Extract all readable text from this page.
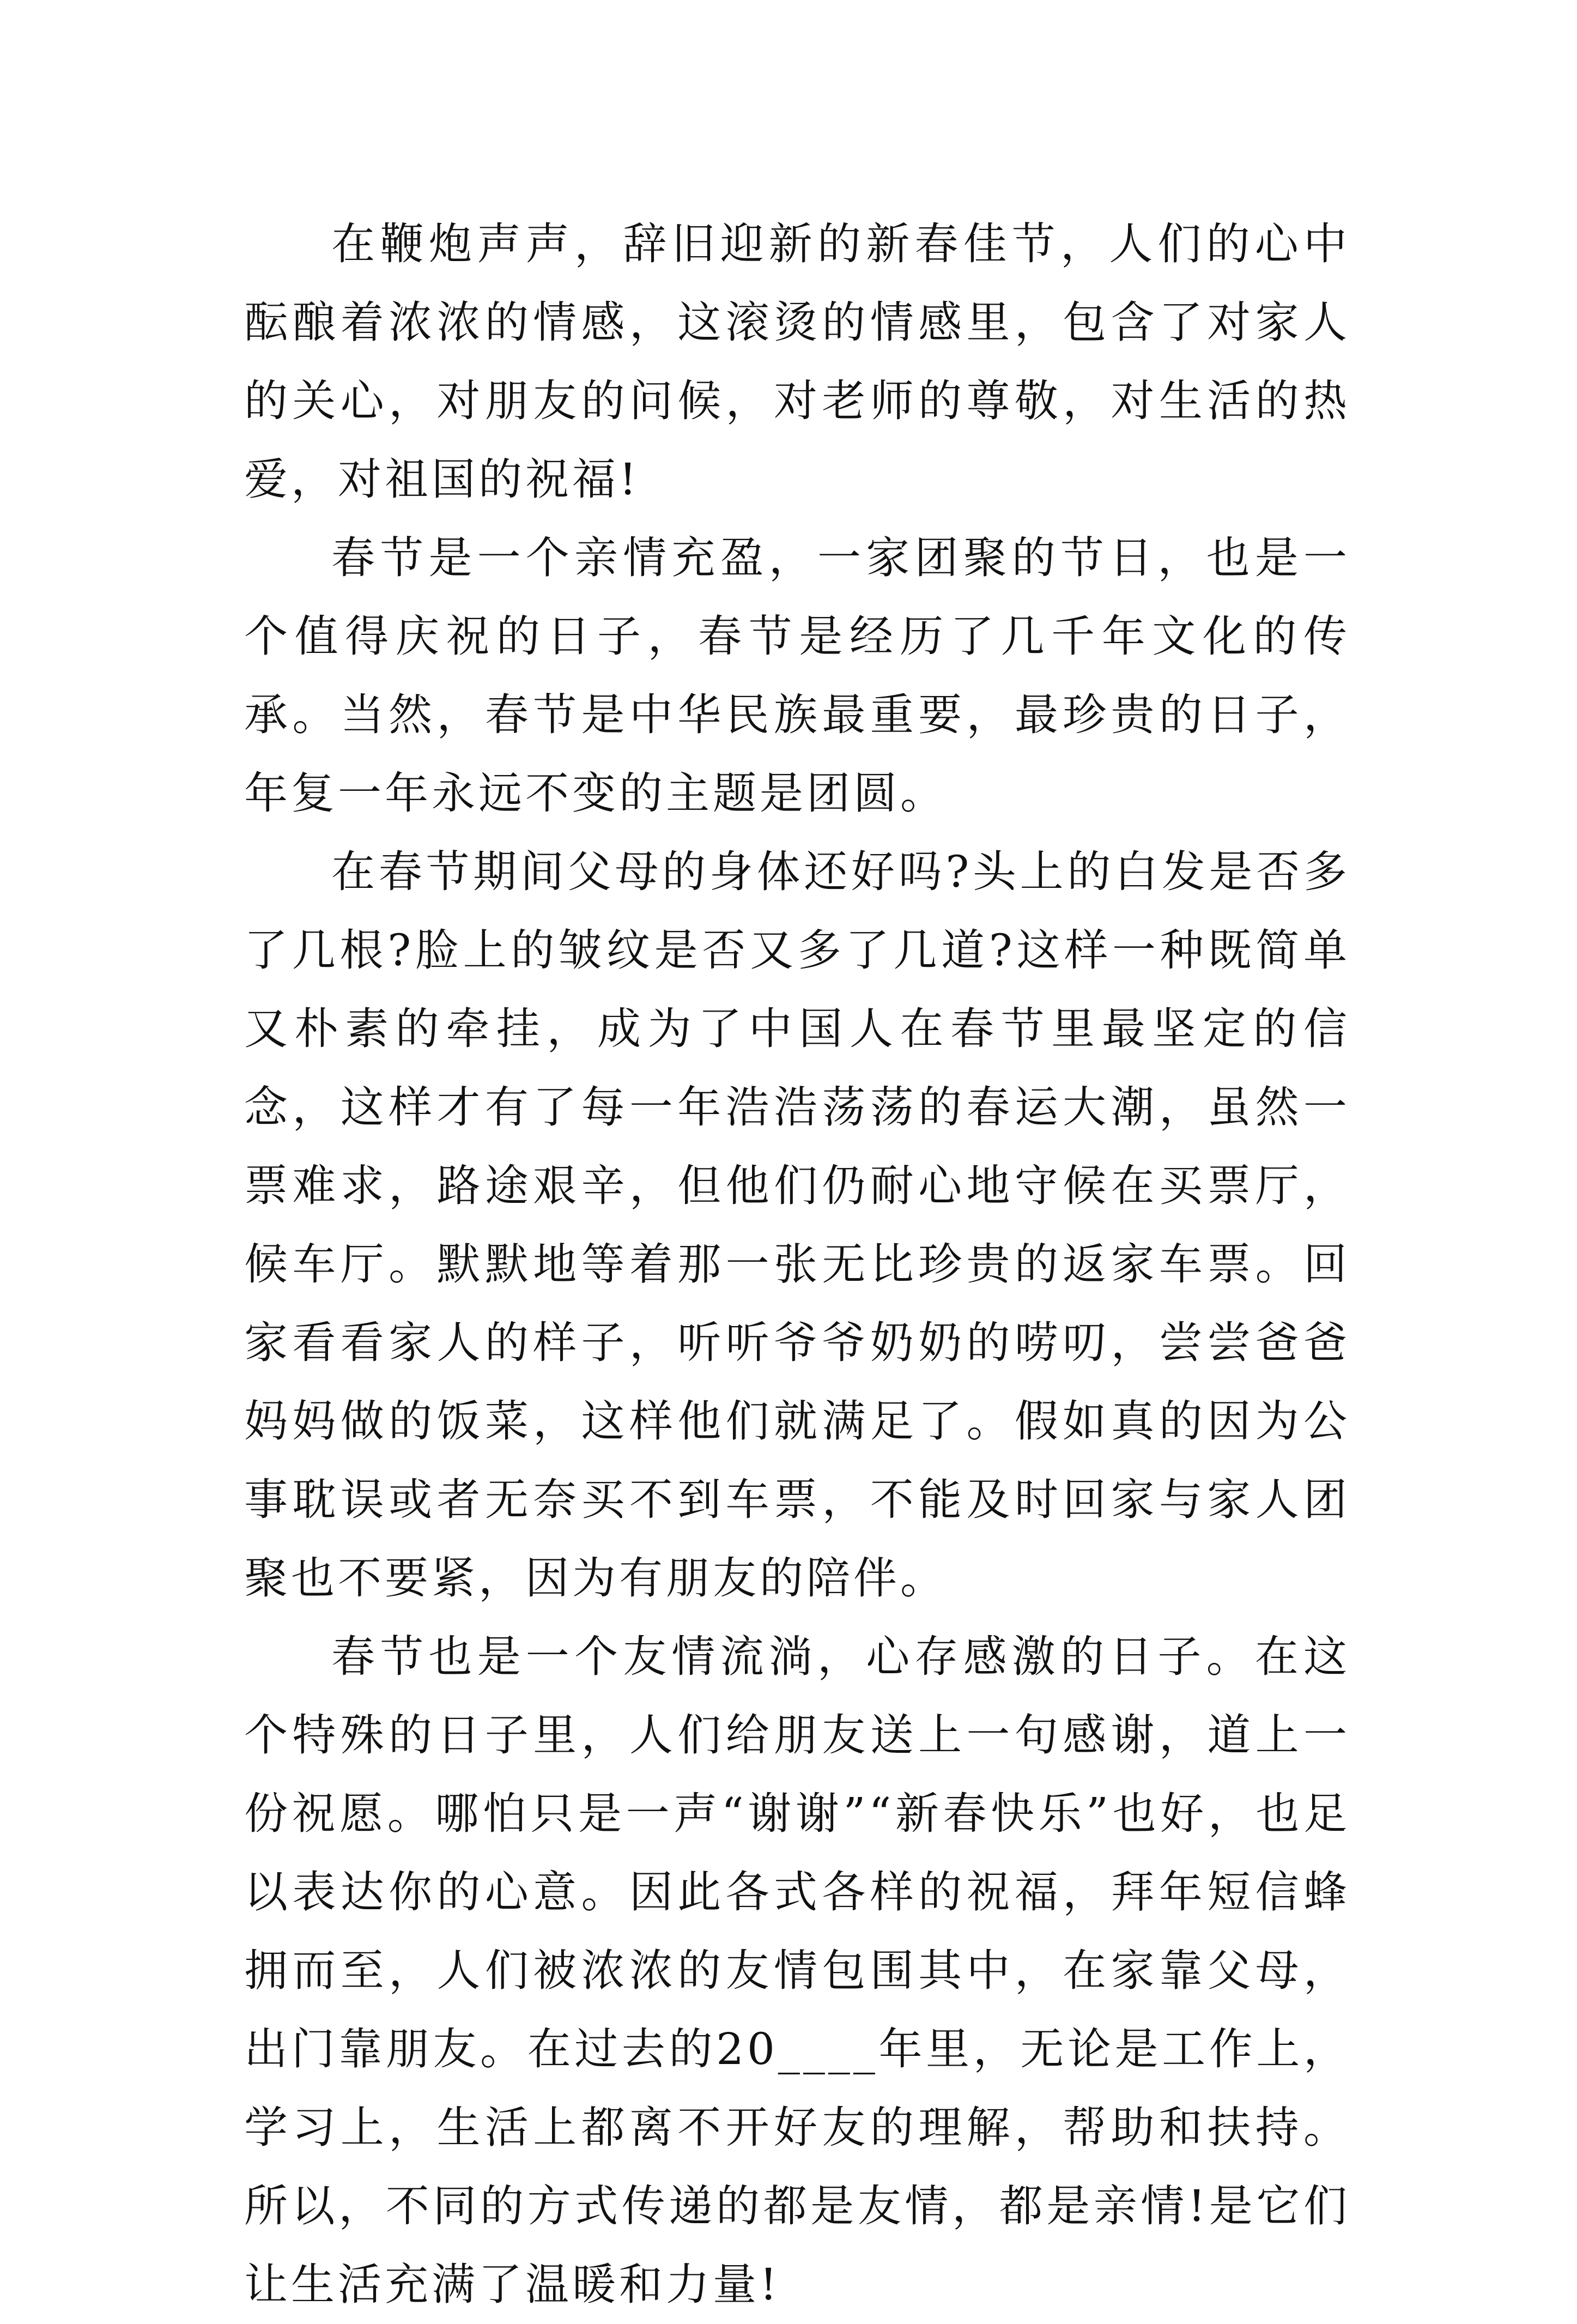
在鞭炮声声，辞旧迎新的新春佳节，人们的心中酝酿着浓浓的情感，这滚烫的情感里，包含了对家人的关心，对朋友的问候，对老师的尊敬，对生活的热爱，对祖国的祝福!

春节是一个亲情充盈，一家团聚的节日，也是一个值得庆祝的日子，春节是经历了几千年文化的传承。当然，春节是中华民族最重要，最珍贵的日子，年复一年永远不变的主题是团圆。

在春节期间父母的身体还好吗?头上的白发是否多了几根?脸上的皱纹是否又多了几道?这样一种既简单又朴素的牵挂，成为了中国人在春节里最坚定的信念，这样才有了每一年浩浩荡荡的春运大潮，虽然一票难求，路途艰辛，但他们仍耐心地守候在买票厅，候车厅。默默地等着那一张无比珍贵的返家车票。回家看看家人的样子，听听爷爷奶奶的唠叨，尝尝爸爸妈妈做的饭菜，这样他们就满足了。假如真的因为公事耽误或者无奈买不到车票，不能及时回家与家人团聚也不要紧，因为有朋友的陪伴。

春节也是一个友情流淌，心存感激的日子。在这个特殊的日子里，人们给朋友送上一句感谢，道上一份祝愿。哪怕只是一声“谢谢”“新春快乐”也好，也足以表达你的心意。因此各式各样的祝福，拜年短信蜂拥而至，人们被浓浓的友情包围其中，在家靠父母，出门靠朋友。在过去的20____年里，无论是工作上，学习上，生活上都离不开好友的理解，帮助和扶持。所以，不同的方式传递的都是友情，都是亲情!是它们让生活充满了温暖和力量!
